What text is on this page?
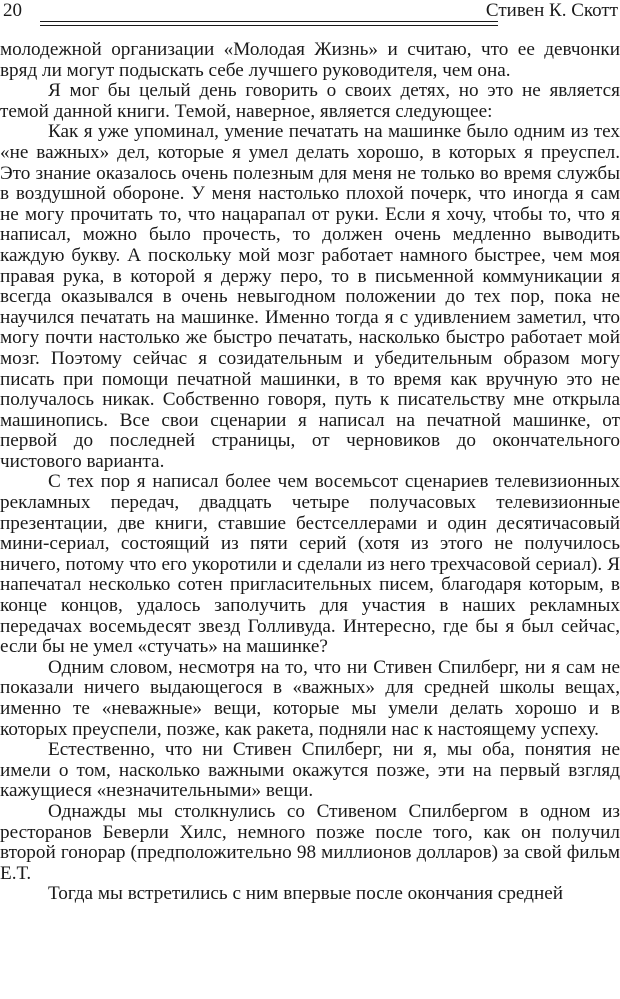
20	Стивен К. Скотт

молодежной организации «Молодая Жизнь» и считаю, что ее девчонки вряд ли могут подыскать себе лучшего руководителя, чем она.

Я мог бы целый день говорить о своих детях, но это не является темой данной книги. Темой, наверное, является следующее:

Как я уже упоминал, умение печатать на машинке было одним из тех «не важных» дел, которые я умел делать хорошо, в которых я преуспел. Это знание оказалось очень полезным для меня не только во время службы в воздушной обороне. У меня настолько плохой почерк, что иногда я сам не могу прочитать то, что нацарапал от руки. Если я хочу, чтобы то, что я написал, можно было прочесть, то должен очень медленно выводить каждую букву. А поскольку мой мозг работает намного быстрее, чем моя правая рука, в которой я держу перо, то в письменной коммуникации я всегда оказывался в очень невыгодном положении до тех пор, пока не научился печатать на машинке. Именно тогда я с удивлением заметил, что могу почти настолько же быстро печатать, насколько быстро работает мой мозг. Поэтому сейчас я созидательным и убедительным образом могу писать при помощи печатной машинки, в то время как вручную это не получалось никак. Собственно говоря, путь к писательству мне открыла машинопись. Все свои сценарии я написал на печатной машинке, от первой до последней страницы, от черновиков до окончательного чистового варианта.

С тех пор я написал более чем восемьсот сценариев телевизионных рекламных передач, двадцать четыре получасовых телевизионные презентации, две книги, ставшие бестселлерами и один десятичасовый мини-сериал, состоящий из пяти серий (хотя из этого не получилось ничего, потому что его укоротили и сделали из него трехчасовой сериал). Я напечатал несколько сотен пригласительных писем, благодаря которым, в конце концов, удалось заполучить для участия в наших рекламных передачах восемьдесят звезд Голливуда. Интересно, где бы я был сейчас, если бы не умел «стучать» на машинке?

Одним словом, несмотря на то, что ни Стивен Спилберг, ни я сам не показали ничего выдающегося в «важных» для средней школы вещах, именно те «неважные» вещи, которые мы умели делать хорошо и в которых преуспели, позже, как ракета, подняли нас к настоящему успеху.

Естественно, что ни Стивен Спилберг, ни я, мы оба, понятия не имели о том, насколько важными окажутся позже, эти на первый взгляд кажущиеся «незначительными» вещи.

Однажды мы столкнулись со Стивеном Спилбергом в одном из ресторанов Беверли Хилс, немного позже после того, как он получил второй гонорар (предположительно 98 миллионов долларов) за свой фильм Е.Т.

Тогда мы встретились с ним впервые после окончания средней
